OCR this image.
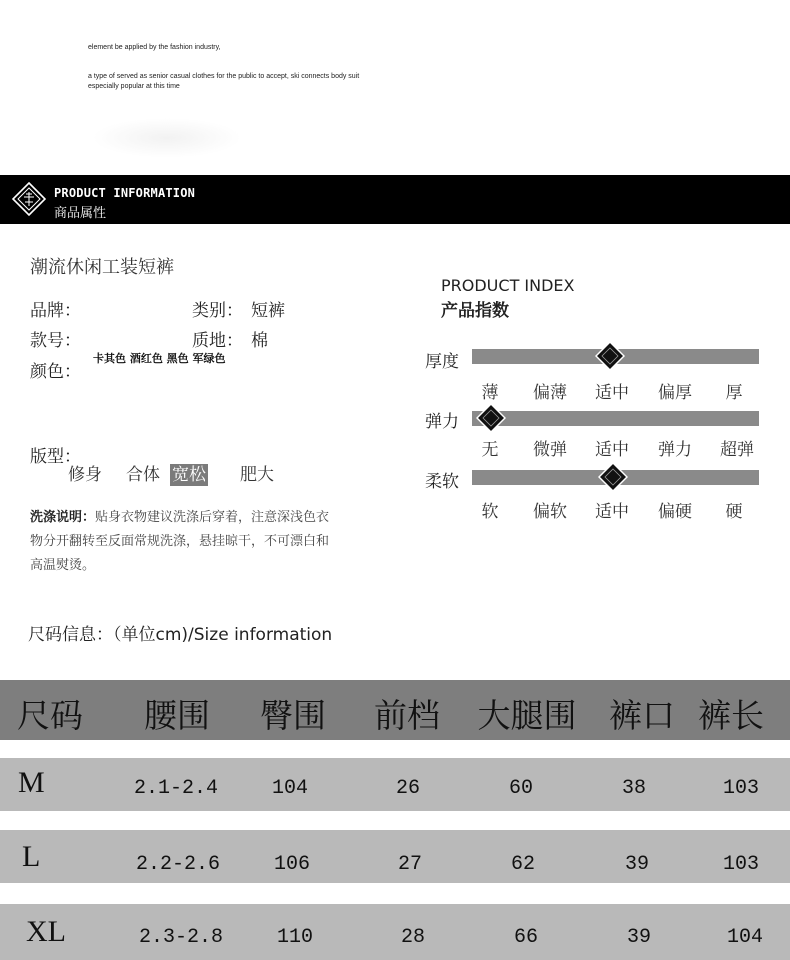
element be applied by the fashion industry,
a type of served as senior casual clothes for the public to accept, ski connects body suit especially popular at this time
PRODUCT INFORMATION
商品属性
潮流休闲工装短裤
品牌：	类别： 短裤
款号：	质地： 棉
颜色：
卡其色 酒红色 黑色 军绿色
版型：
修身 合体 宽松 肥大
洗涤说明：贴身衣物建议洗涤后穿着，注意深浅色衣物分开翻转至反面常规洗涤，悬挂晾干，不可漂白和高温熨烫。
尺码信息：（单位cm)/Size information
PRODUCT INDEX
产品指数
厚度
薄 偏薄 适中 偏厚 厚
弹力
无 微弹 适中 弹力 超弹
柔软
软 偏软 适中 偏硬 硬
尺码 腰围 臀围 前档 大腿围 裤口 裤长
M	2.1-2.4	104	26	60	38	103
L	2.2-2.6	106	27	62	39	103
XL	2.3-2.8	110	28	66	39	104
